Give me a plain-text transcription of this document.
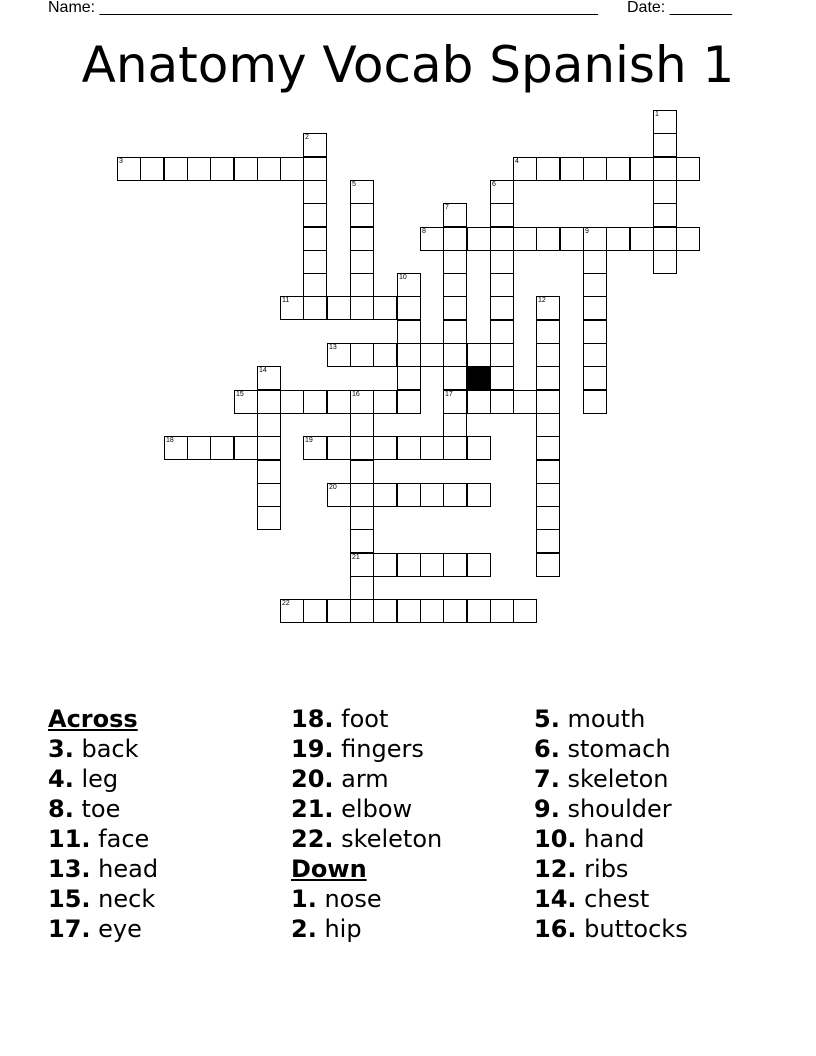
Name: ________________________________________________________ Date: _______
Anatomy Vocab Spanish 1
3	4
8	9
11
13
15	16	17
18	19
20
21
22
1
2
5	6
7
10
12
14
Across
3. back
4. leg
8. toe
11. face
13. head
15. neck
17. eye
18. foot
19. fingers
20. arm
21. elbow
22. skeleton
Down
1. nose
2. hip
5. mouth
6. stomach
7. skeleton
9. shoulder
10. hand
12. ribs
14. chest
16. buttocks
